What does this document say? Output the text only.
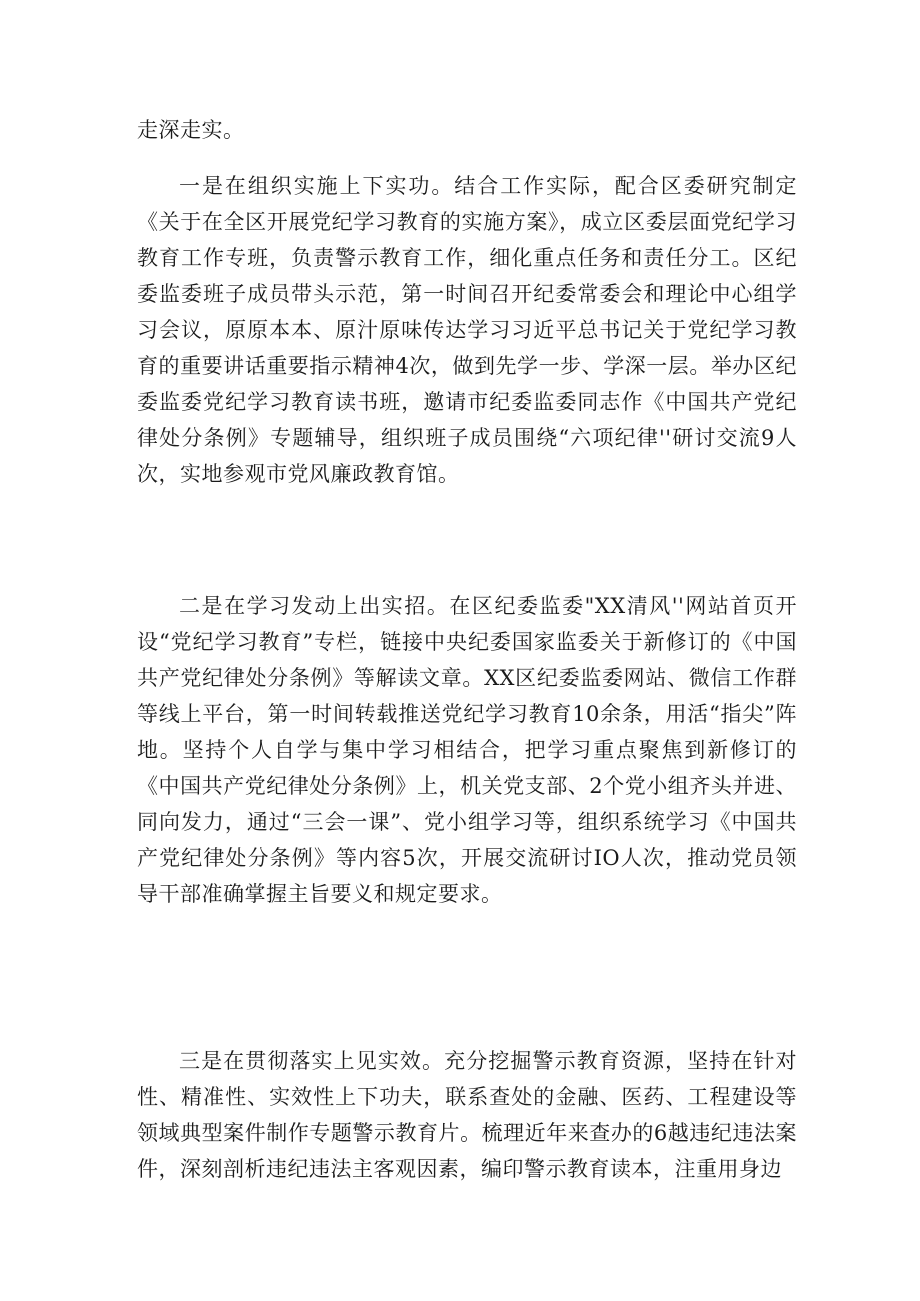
走深走实。

一是在组织实施上下实功。结合工作实际，配合区委研究制定《关于在全区开展党纪学习教育的实施方案》，成立区委层面党纪学习教育工作专班，负责警示教育工作，细化重点任务和责任分工。区纪委监委班子成员带头示范，第一时间召开纪委常委会和理论中心组学习会议，原原本本、原汁原味传达学习习近平总书记关于党纪学习教育的重要讲话重要指示精神4次，做到先学一步、学深一层。举办区纪委监委党纪学习教育读书班，邀请市纪委监委同志作《中国共产党纪律处分条例》专题辅导，组织班子成员围绕“六项纪律''研讨交流9人次，实地参观市党风廉政教育馆。

二是在学习发动上出实招。在区纪委监委"XX清风''网站首页开设“党纪学习教育”专栏，链接中央纪委国家监委关于新修订的《中国共产党纪律处分条例》等解读文章。XX区纪委监委网站、微信工作群等线上平台，第一时间转载推送党纪学习教育10余条，用活“指尖”阵地。坚持个人自学与集中学习相结合，把学习重点聚焦到新修订的《中国共产党纪律处分条例》上，机关党支部、2个党小组齐头并进、同向发力，通过“三会一课”、党小组学习等，组织系统学习《中国共产党纪律处分条例》等内容5次，开展交流研讨IO人次，推动党员领导干部准确掌握主旨要义和规定要求。

三是在贯彻落实上见实效。充分挖掘警示教育资源，坚持在针对性、精准性、实效性上下功夫，联系查处的金融、医药、工程建设等领域典型案件制作专题警示教育片。梳理近年来查办的6越违纪违法案件，深刻剖析违纪违法主客观因素，编印警示教育读本，注重用身边
